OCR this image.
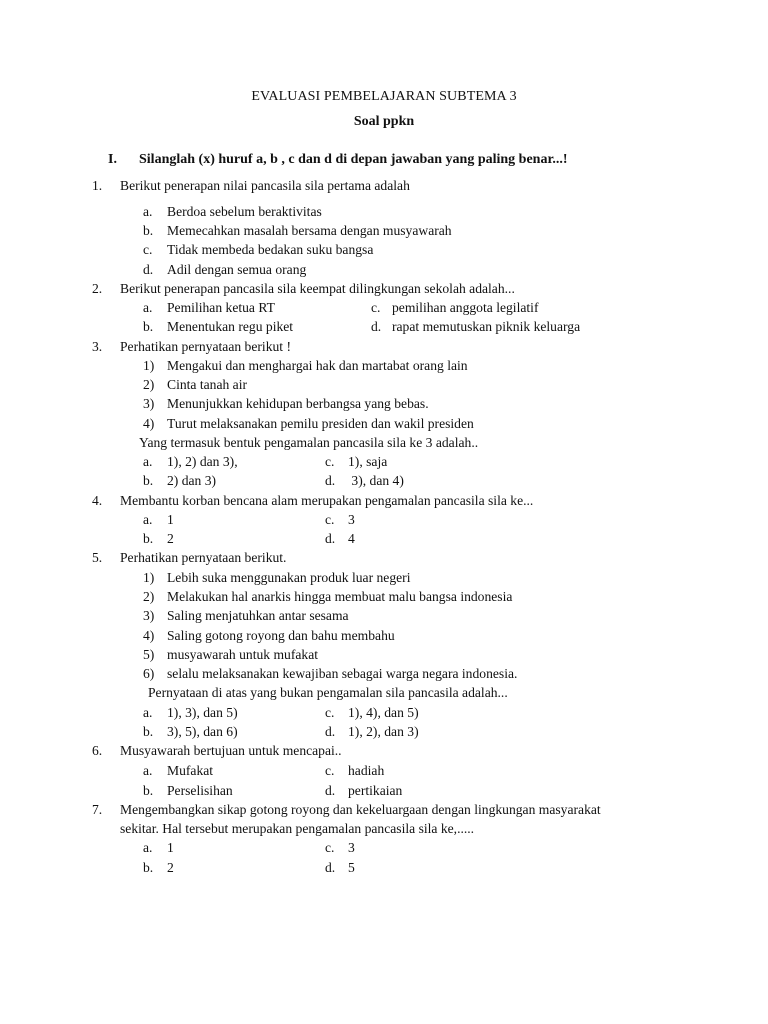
EVALUASI PEMBELAJARAN SUBTEMA 3
Soal ppkn
I. Silanglah (x) huruf a, b , c dan d di depan jawaban yang paling benar...!
1. Berikut penerapan nilai pancasila sila pertama adalah
a. Berdoa sebelum beraktivitas
b. Memecahkan masalah bersama dengan musyawarah
c. Tidak membeda bedakan suku bangsa
d. Adil dengan semua orang
2. Berikut penerapan pancasila sila keempat dilingkungan sekolah adalah...
a. Pemilihan ketua RT	c. pemilihan anggota legilatif
b. Menentukan regu piket	d. rapat memutuskan piknik keluarga
3. Perhatikan pernyataan berikut !
1) Mengakui dan menghargai hak dan martabat orang lain
2) Cinta tanah air
3) Menunjukkan kehidupan berbangsa yang bebas.
4) Turut melaksanakan pemilu presiden dan wakil presiden
Yang termasuk bentuk pengamalan pancasila sila ke 3 adalah..
a. 1), 2) dan 3),	c. 1), saja
b. 2) dan 3)	d. 3), dan 4)
4. Membantu korban bencana alam merupakan pengamalan pancasila sila ke...
a. 1	c. 3
b. 2	d. 4
5. Perhatikan pernyataan berikut.
1) Lebih suka menggunakan produk luar negeri
2) Melakukan hal anarkis hingga membuat malu bangsa indonesia
3) Saling menjatuhkan antar sesama
4) Saling gotong royong dan bahu membahu
5) musyawarah untuk mufakat
6) selalu melaksanakan kewajiban sebagai warga negara indonesia.
Pernyataan di atas yang bukan pengamalan sila pancasila adalah...
a. 1), 3), dan 5)	c. 1), 4), dan 5)
b. 3), 5), dan 6)	d. 1), 2), dan 3)
6. Musyawarah bertujuan untuk mencapai..
a. Mufakat	c. hadiah
b. Perselisihan	d. pertikaian
7. Mengembangkan sikap gotong royong dan kekeluargaan dengan lingkungan masyarakat
sekitar. Hal tersebut merupakan pengamalan pancasila sila ke,.....
a. 1	c. 3
b. 2	d. 5
